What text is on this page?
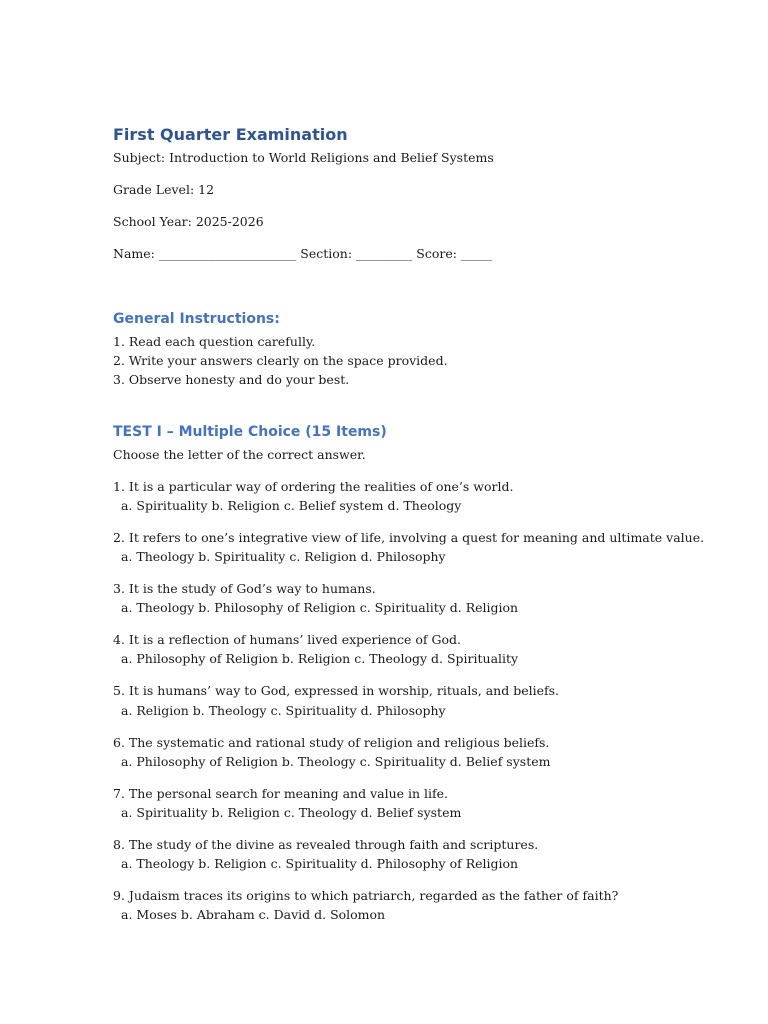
First Quarter Examination

Subject: Introduction to World Religions and Belief Systems

Grade Level: 12

School Year: 2025-2026

Name: ______________________ Section: _________ Score: _____

General Instructions:

1. Read each question carefully.

2. Write your answers clearly on the space provided.

3. Observe honesty and do your best.

TEST I – Multiple Choice (15 Items)

Choose the letter of the correct answer.

1. It is a particular way of ordering the realities of one’s world.

a. Spirituality b. Religion c. Belief system d. Theology

2. It refers to one’s integrative view of life, involving a quest for meaning and ultimate value.

a. Theology b. Spirituality c. Religion d. Philosophy

3. It is the study of God’s way to humans.

a. Theology b. Philosophy of Religion c. Spirituality d. Religion

4. It is a reflection of humans’ lived experience of God.

a. Philosophy of Religion b. Religion c. Theology d. Spirituality

5. It is humans’ way to God, expressed in worship, rituals, and beliefs.

a. Religion b. Theology c. Spirituality d. Philosophy

6. The systematic and rational study of religion and religious beliefs.

a. Philosophy of Religion b. Theology c. Spirituality d. Belief system

7. The personal search for meaning and value in life.

a. Spirituality b. Religion c. Theology d. Belief system

8. The study of the divine as revealed through faith and scriptures.

a. Theology b. Religion c. Spirituality d. Philosophy of Religion

9. Judaism traces its origins to which patriarch, regarded as the father of faith?

a. Moses b. Abraham c. David d. Solomon
